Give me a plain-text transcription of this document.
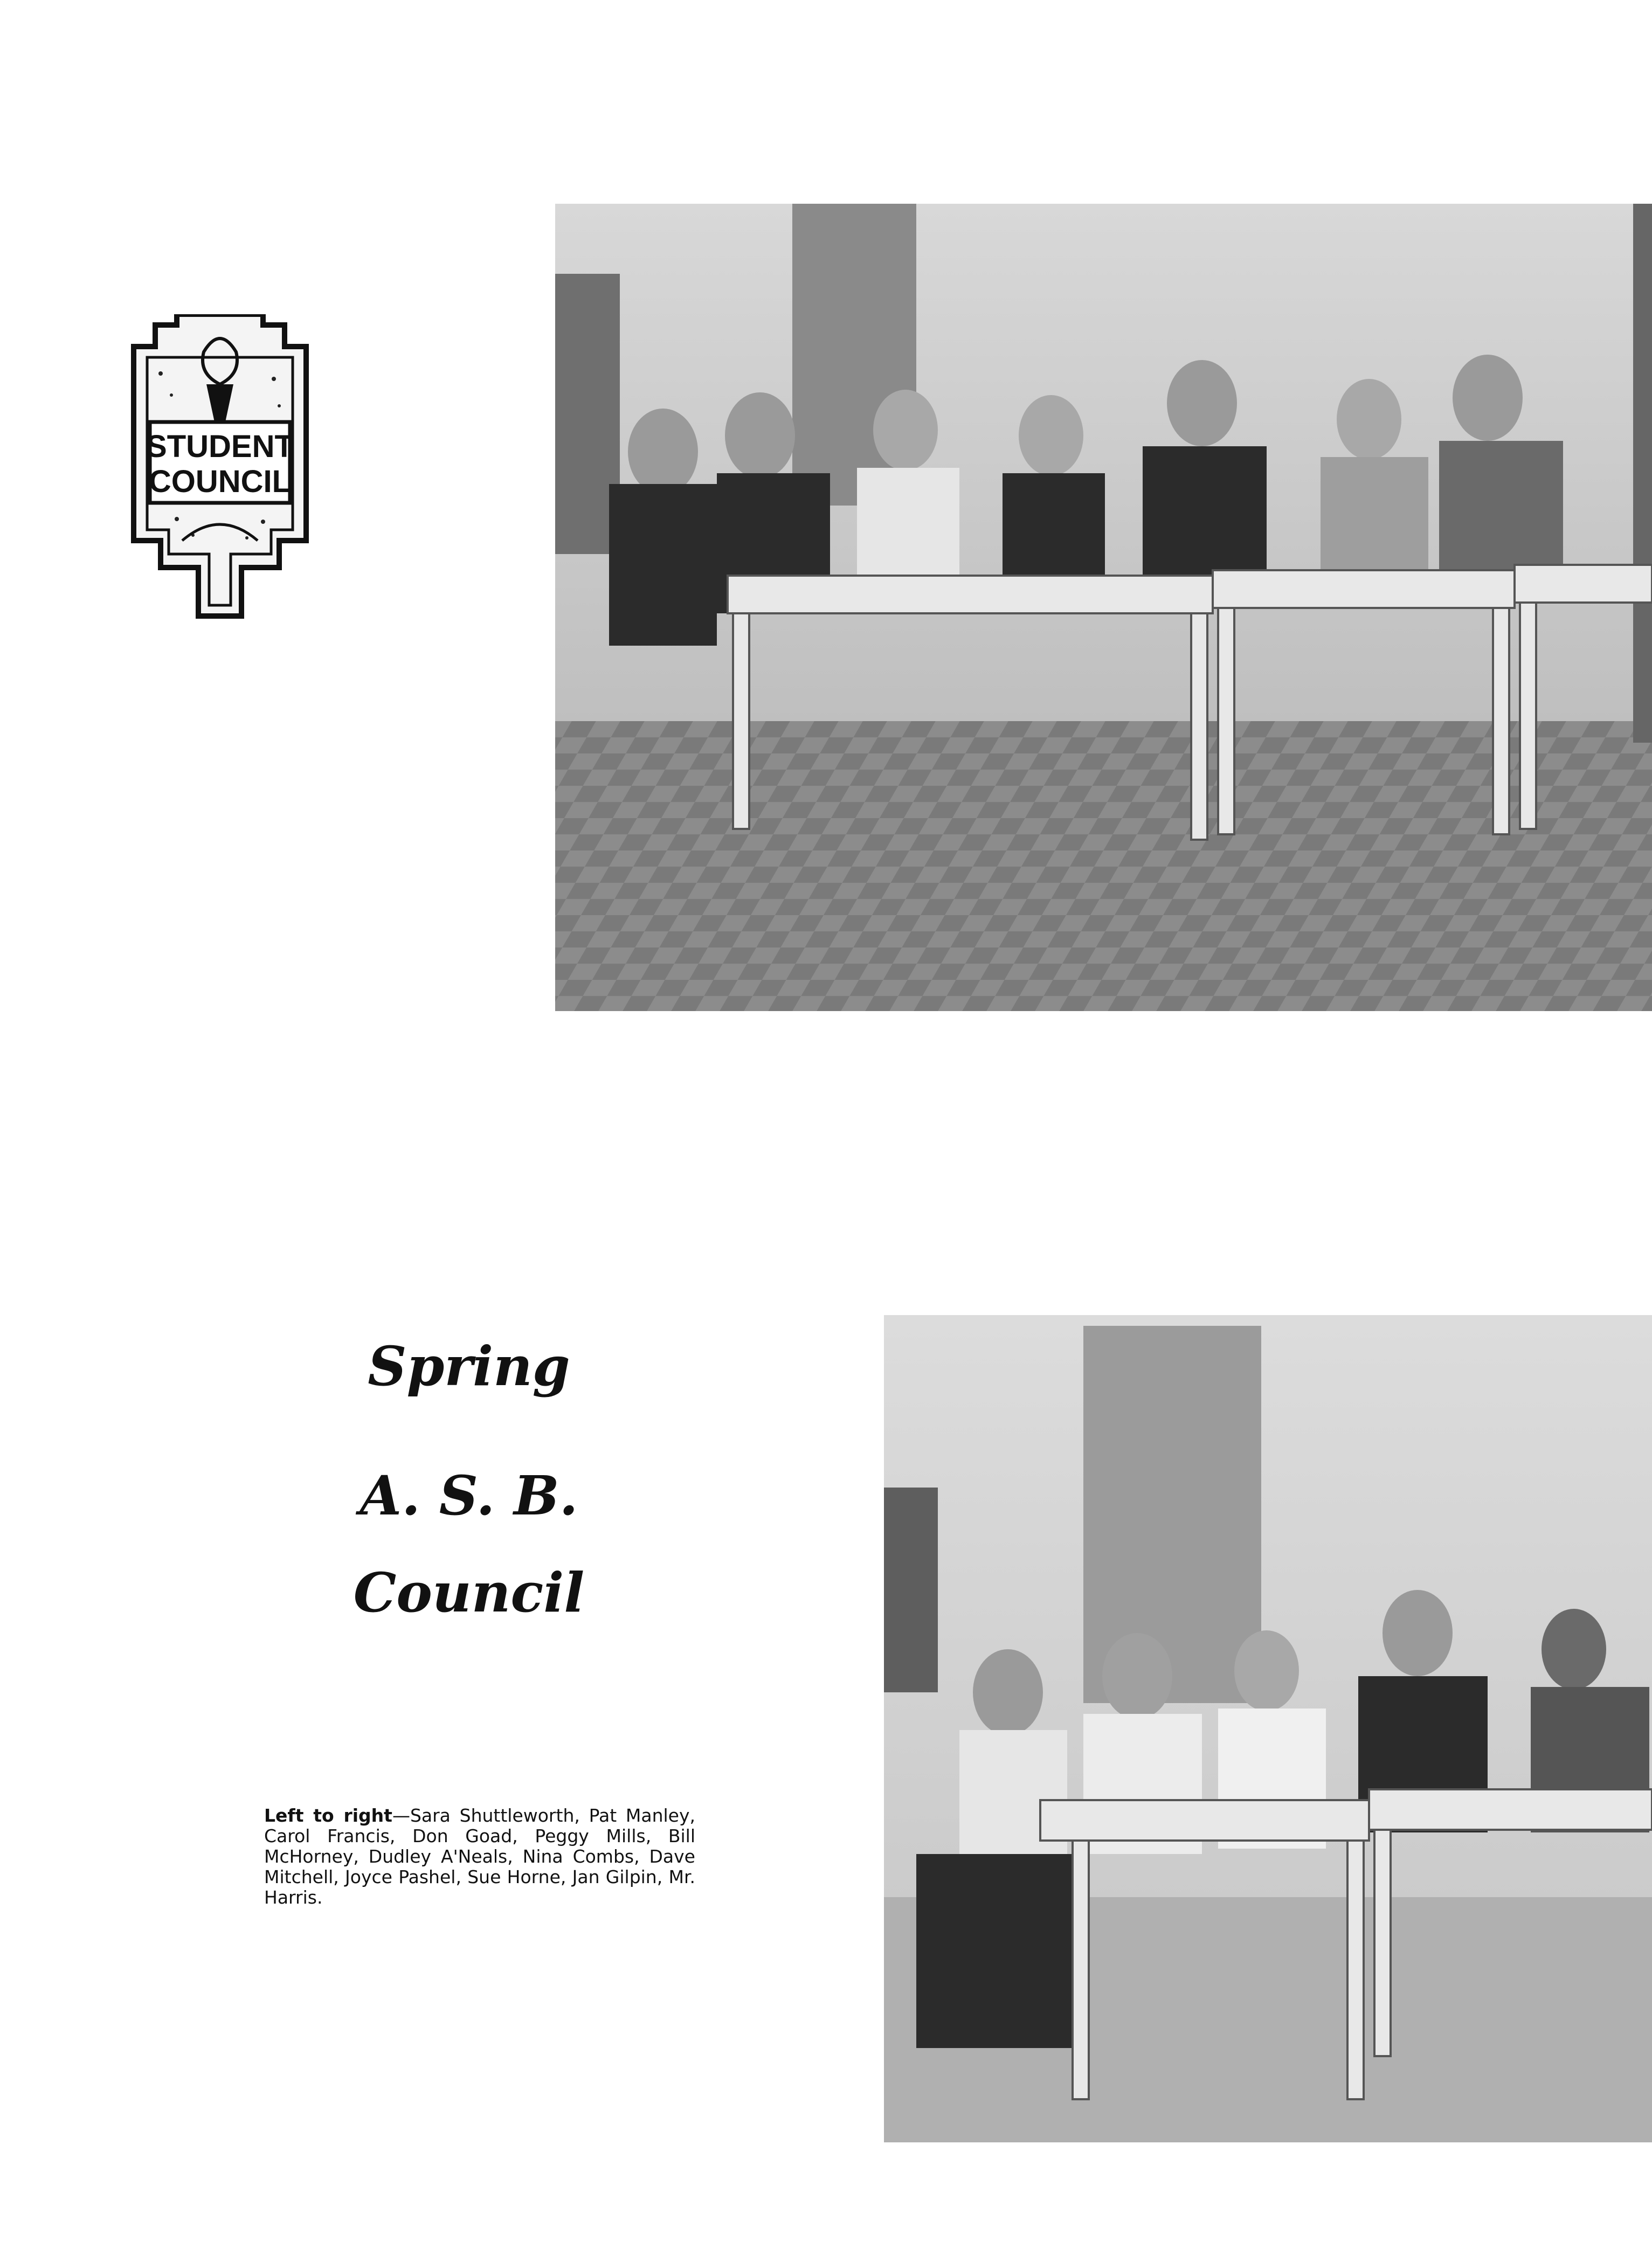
STUDENT
COUNCIL
Spring
A. S. B.
Council
Left to right—Sara Shuttleworth, Pat Manley, Carol Francis, Don Goad, Peggy Mills, Bill McHorney, Dudley A'Neals, Nina Combs, Dave Mitchell, Joyce Pashel, Sue Horne, Jan Gilpin, Mr. Harris.
